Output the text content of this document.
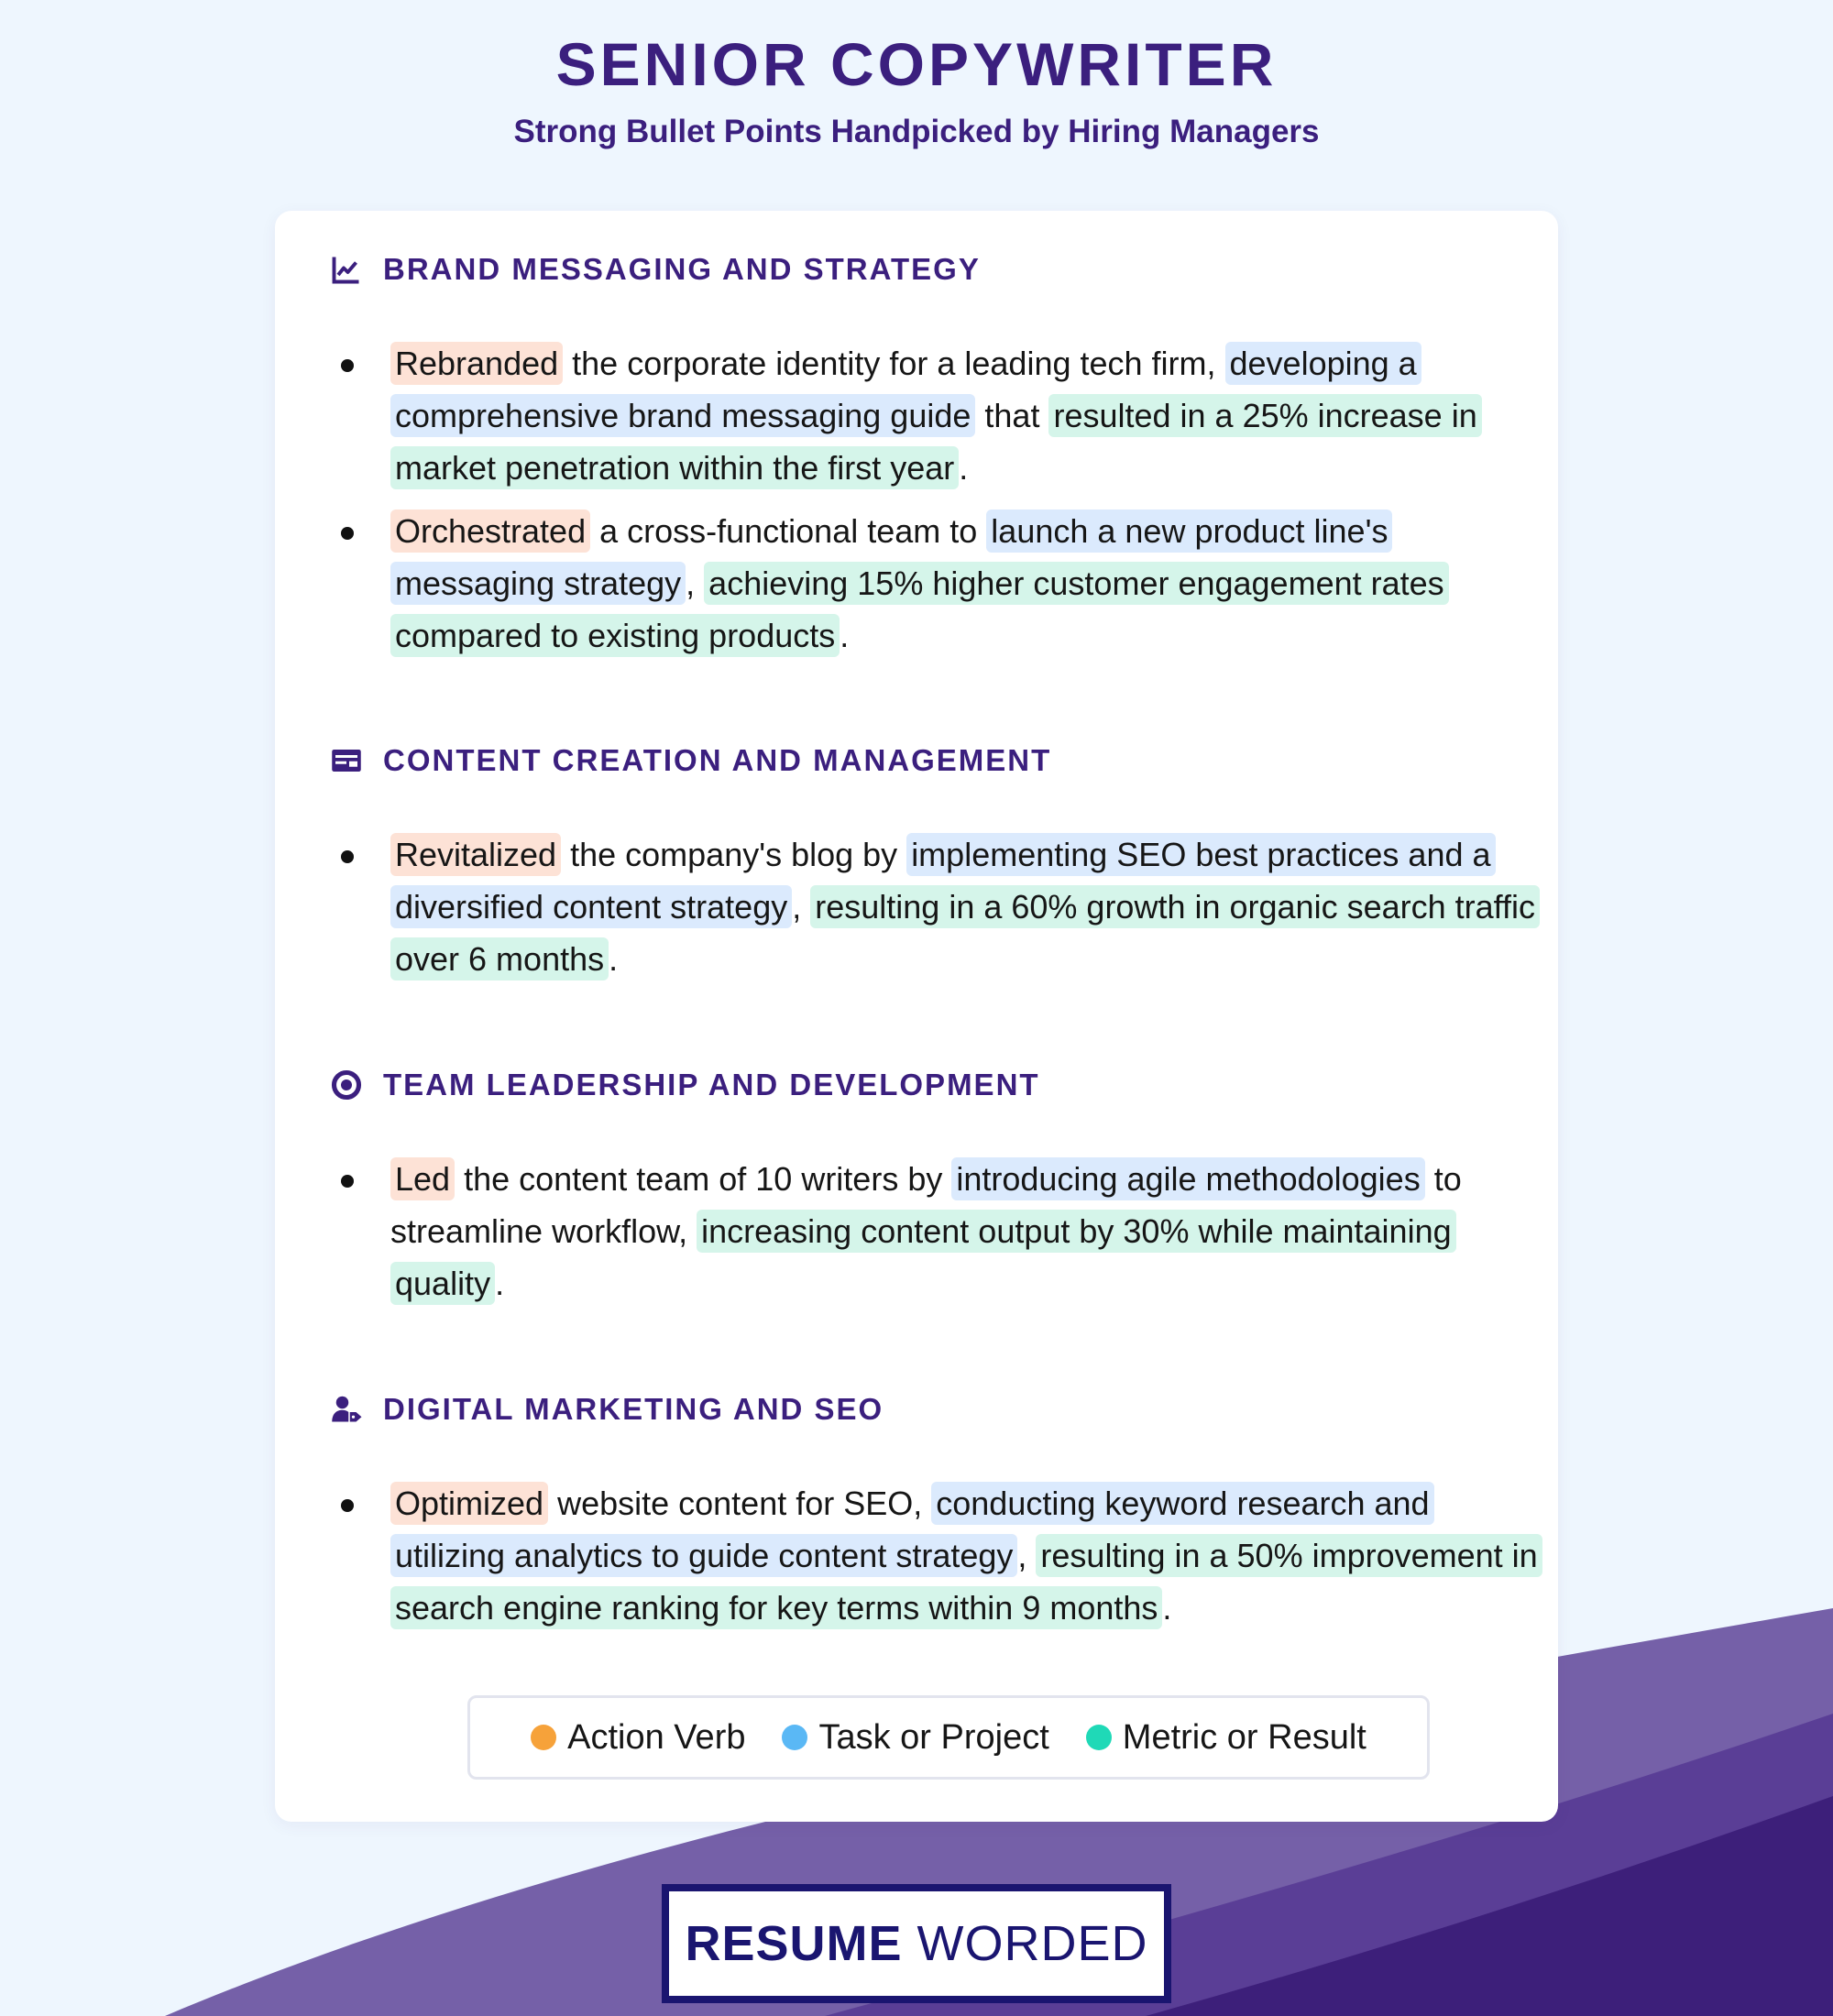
SENIOR COPYWRITER

Strong Bullet Points Handpicked by Hiring Managers

BRAND MESSAGING AND STRATEGY
Rebranded the corporate identity for a leading tech firm, developing a comprehensive brand messaging guide that resulted in a 25% increase in market penetration within the first year .
Orchestrated a cross-functional team to launch a new product line's messaging strategy , achieving 15% higher customer engagement rates compared to existing products .
CONTENT CREATION AND MANAGEMENT
Revitalized the company's blog by implementing SEO best practices and a diversified content strategy , resulting in a 60% growth in organic search traffic over 6 months .
TEAM LEADERSHIP AND DEVELOPMENT
Led the content team of 10 writers by introducing agile methodologies to streamline workflow, increasing content output by 30% while maintaining quality .
DIGITAL MARKETING AND SEO
Optimized website content for SEO, conducting keyword research and utilizing analytics to guide content strategy , resulting in a 50% improvement in search engine ranking for key terms within 9 months .
Action Verb Task or Project Metric or Result
RESUME WORDED
